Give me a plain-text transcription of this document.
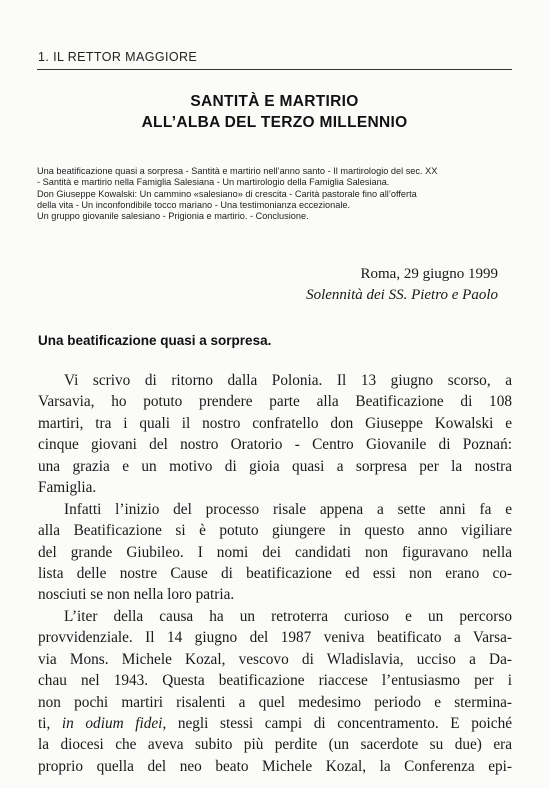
1. IL RETTOR MAGGIORE
SANTITÀ E MARTIRIO
ALL’ALBA DEL TERZO MILLENNIO
Una beatificazione quasi a sorpresa - Santità e martirio nell’anno santo - Il martirologio del sec. XX
- Santità e martirio nella Famiglia Salesiana - Un martirologio della Famiglia Salesiana.
Don Giuseppe Kowalski: Un cammino «salesiano» di crescita - Carità pastorale fino all’offerta
della vita - Un inconfondibile tocco mariano - Una testimonianza eccezionale.
Un gruppo giovanile salesiano - Prigionia e martirio. - Conclusione.
Roma, 29 giugno 1999
Solennità dei SS. Pietro e Paolo
Una beatificazione quasi a sorpresa.
Vi scrivo di ritorno dalla Polonia. Il 13 giugno scorso, a
Varsavia, ho potuto prendere parte alla Beatificazione di 108
martiri, tra i quali il nostro confratello don Giuseppe Kowalski e
cinque giovani del nostro Oratorio - Centro Giovanile di Poznań:
una grazia e un motivo di gioia quasi a sorpresa per la nostra
Famiglia.
Infatti l’inizio del processo risale appena a sette anni fa e
alla Beatificazione si è potuto giungere in questo anno vigiliare
del grande Giubileo. I nomi dei candidati non figuravano nella
lista delle nostre Cause di beatificazione ed essi non erano co-
nosciuti se non nella loro patria.
L’iter della causa ha un retroterra curioso e un percorso
provvidenziale. Il 14 giugno del 1987 veniva beatificato a Varsa-
via Mons. Michele Kozal, vescovo di Wladislavia, ucciso a Da-
chau nel 1943. Questa beatificazione riaccese l’entusiasmo per i
non pochi martiri risalenti a quel medesimo periodo e stermina-
ti, in odium fidei, negli stessi campi di concentramento. E poiché
la diocesi che aveva subito più perdite (un sacerdote su due) era
proprio quella del neo beato Michele Kozal, la Conferenza epi-
